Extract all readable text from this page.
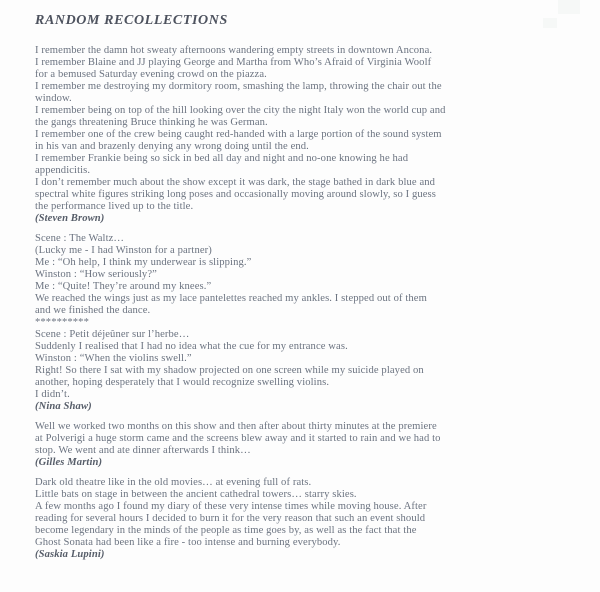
RANDOM RECOLLECTIONS
I remember the damn hot sweaty afternoons wandering empty streets in downtown Ancona.
I remember Blaine and JJ playing George and Martha from Who’s Afraid of Virginia Woolf
for a bemused Saturday evening crowd on the piazza.
I remember me destroying my dormitory room, smashing the lamp, throwing the chair out the
window.
I remember being on top of the hill looking over the city the night Italy won the world cup and
the gangs threatening Bruce thinking he was German.
I remember one of the crew being caught red-handed with a large portion of the sound system
in his van and brazenly denying any wrong doing until the end.
I remember Frankie being so sick in bed all day and night and no-one knowing he had
appendicitis.
I don’t remember much about the show except it was dark, the stage bathed in dark blue and
spectral white figures striking long poses and occasionally moving around slowly, so I guess
the performance lived up to the title.
(Steven Brown)
Scene : The Waltz…
(Lucky me - I had Winston for a partner)
Me : “Oh help, I think my underwear is slipping.”
Winston : “How seriously?”
Me : “Quite! They’re around my knees.”
We reached the wings just as my lace pantelettes reached my ankles. I stepped out of them
and we finished the dance.
**********
Scene : Petit déjeûner sur l’herbe…
Suddenly I realised that I had no idea what the cue for my entrance was.
Winston : “When the violins swell.”
Right! So there I sat with my shadow projected on one screen while my suicide played on
another, hoping desperately that I would recognize swelling violins.
I didn’t.
(Nina Shaw)
Well we worked two months on this show and then after about thirty minutes at the premiere
at Polverigi a huge storm came and the screens blew away and it started to rain and we had to
stop. We went and ate dinner afterwards I think…
(Gilles Martin)
Dark old theatre like in the old movies… at evening full of rats.
Little bats on stage in between the ancient cathedral towers… starry skies.
A few months ago I found my diary of these very intense times while moving house. After
reading for several hours I decided to burn it for the very reason that such an event should
become legendary in the minds of the people as time goes by, as well as the fact that the
Ghost Sonata had been like a fire - too intense and burning everybody.
(Saskia Lupini)
